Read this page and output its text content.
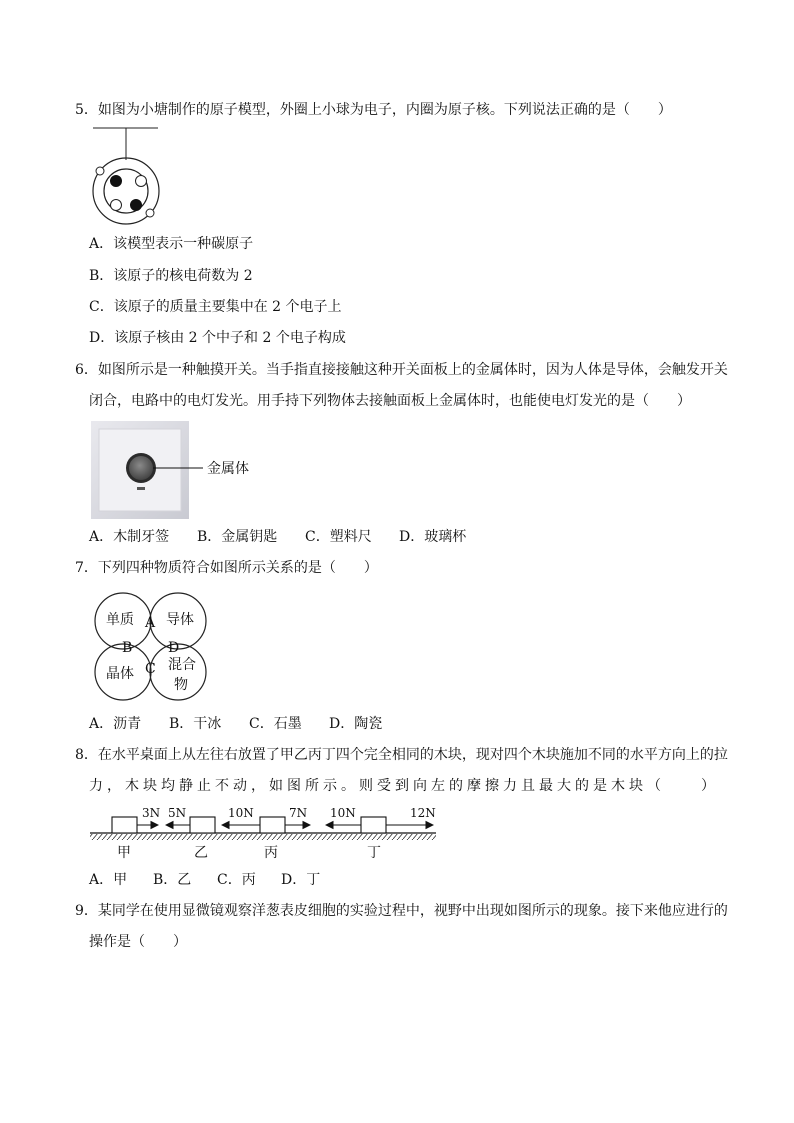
5．如图为小塘制作的原子模型，外圈上小球为电子，内圈为原子核。下列说法正确的是（　　）
A．该模型表示一种碳原子
B．该原子的核电荷数为 2
C．该原子的质量主要集中在 2 个电子上
D．该原子核由 2 个中子和 2 个电子构成
6．如图所示是一种触摸开关。当手指直接接触这种开关面板上的金属体时，因为人体是导体，会触发开关
闭合，电路中的电灯发光。用手持下列物体去接触面板上金属体时，也能使电灯发光的是（　　）
金属体
A．木制牙签 B．金属钥匙 C．塑料尺 D．玻璃杯
7．下列四种物质符合如图所示关系的是（　　）
单质 导体
晶体
混合
物
A
B
C
D
A．沥青 B．干冰 C．石墨 D．陶瓷
8．在水平桌面上从左往右放置了甲乙丙丁四个完全相同的木块，现对四个木块施加不同的水平方向上的拉
力，木块均静止不动，如图所示。则受到向左的摩擦力且最大的是木块（　　）
3N 5N	10N	7N 10N	12N
甲	乙	丙	丁
A．甲 B．乙 C．丙 D．丁
9．某同学在使用显微镜观察洋葱表皮细胞的实验过程中，视野中出现如图所示的现象。接下来他应进行的
操作是（　　）
